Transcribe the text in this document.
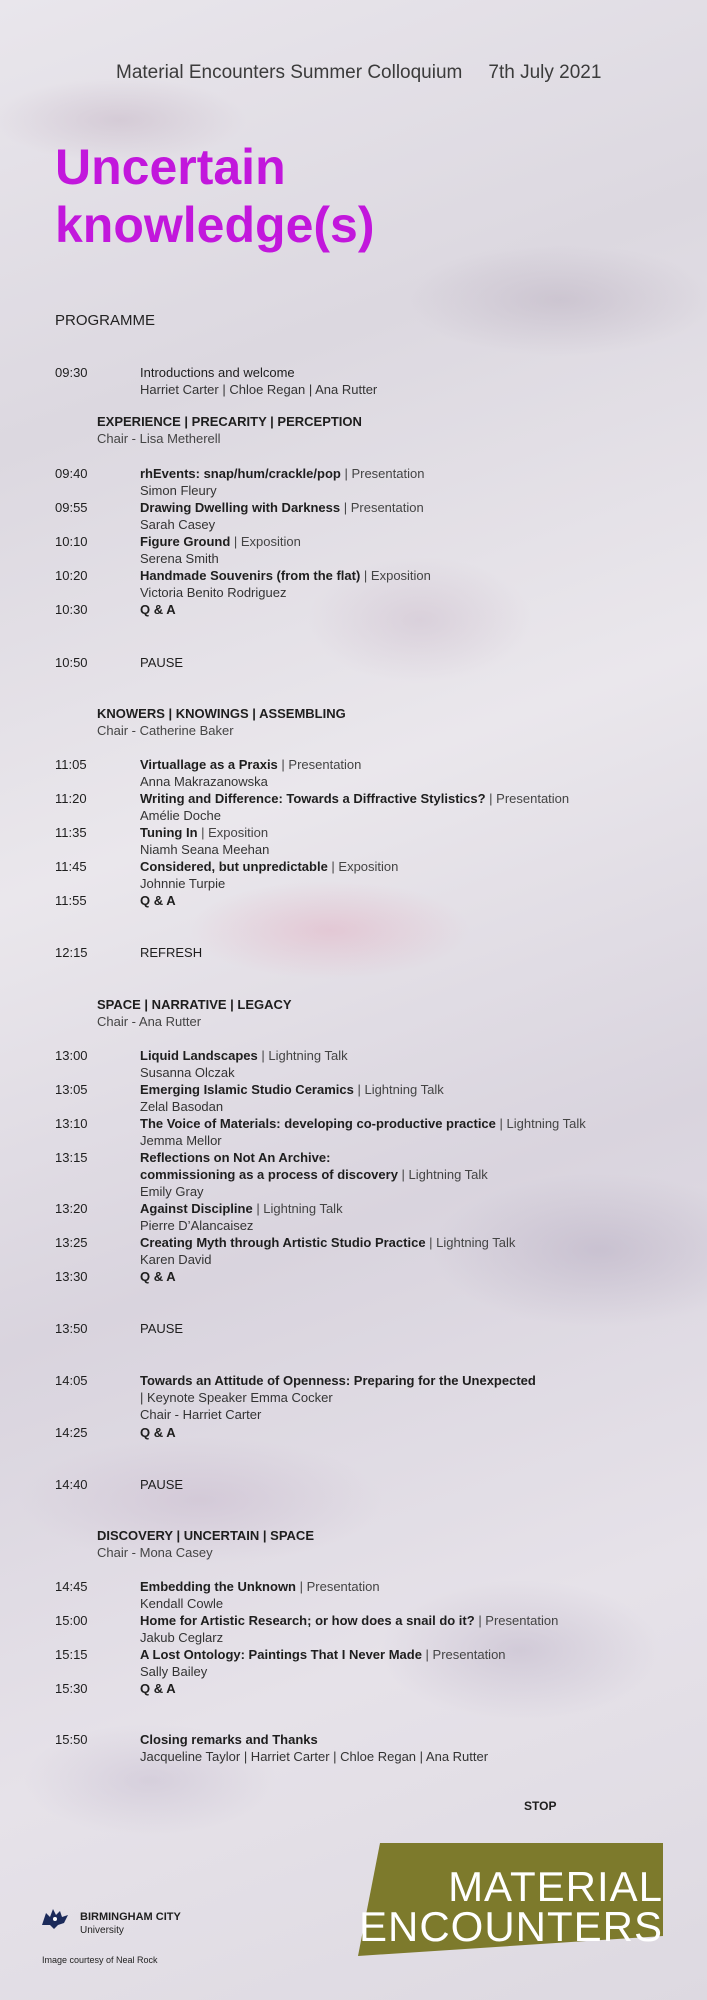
Material Encounters Summer Colloquium 7th July 2021
Uncertain
knowledge(s)
PROGRAMME
EXPERIENCE | PRECARITY | PERCEPTION
Chair - Lisa Metherell
KNOWERS | KNOWINGS | ASSEMBLING
Chair - Catherine Baker
SPACE | NARRATIVE | LEGACY
Chair - Ana Rutter
DISCOVERY | UNCERTAIN | SPACE
Chair - Mona Casey
09:30	Introductions and welcome
Harriet Carter | Chloe Regan | Ana Rutter
09:40	rhEvents: snap/hum/crackle/pop | Presentation
Simon Fleury
09:55	Drawing Dwelling with Darkness | Presentation
Sarah Casey
10:10	Figure Ground | Exposition
Serena Smith
10:20	Handmade Souvenirs (from the flat) | Exposition
Victoria Benito Rodriguez
10:30	Q & A
10:50	PAUSE
11:05	Virtuallage as a Praxis | Presentation
Anna Makrazanowska
11:20	Writing and Difference: Towards a Diffractive Stylistics? | Presentation
Amélie Doche
11:35	Tuning In | Exposition
Niamh Seana Meehan
11:45	Considered, but unpredictable | Exposition
Johnnie Turpie
11:55	Q & A
12:15	REFRESH
13:00	Liquid Landscapes | Lightning Talk
Susanna Olczak
13:05	Emerging Islamic Studio Ceramics | Lightning Talk
Zelal Basodan
13:10	The Voice of Materials: developing co-productive practice | Lightning Talk
Jemma Mellor
13:15	Reflections on Not An Archive:
commissioning as a process of discovery | Lightning Talk
Emily Gray
13:20	Against Discipline | Lightning Talk
Pierre D’Alancaisez
13:25	Creating Myth through Artistic Studio Practice | Lightning Talk
Karen David
13:30	Q & A
13:50	PAUSE
14:05	Towards an Attitude of Openness: Preparing for the Unexpected
| Keynote Speaker Emma Cocker
Chair - Harriet Carter
14:25	Q & A
14:40	PAUSE
14:45	Embedding the Unknown | Presentation
Kendall Cowle
15:00	Home for Artistic Research; or how does a snail do it? | Presentation
Jakub Ceglarz
15:15	A Lost Ontology: Paintings That I Never Made | Presentation
Sally Bailey
15:30	Q & A
15:50	Closing remarks and Thanks
Jacqueline Taylor | Harriet Carter | Chloe Regan | Ana Rutter
STOP
BIRMINGHAM CITY
University
Image courtesy of Neal Rock
MATERIAL
ENCOUNTERS
